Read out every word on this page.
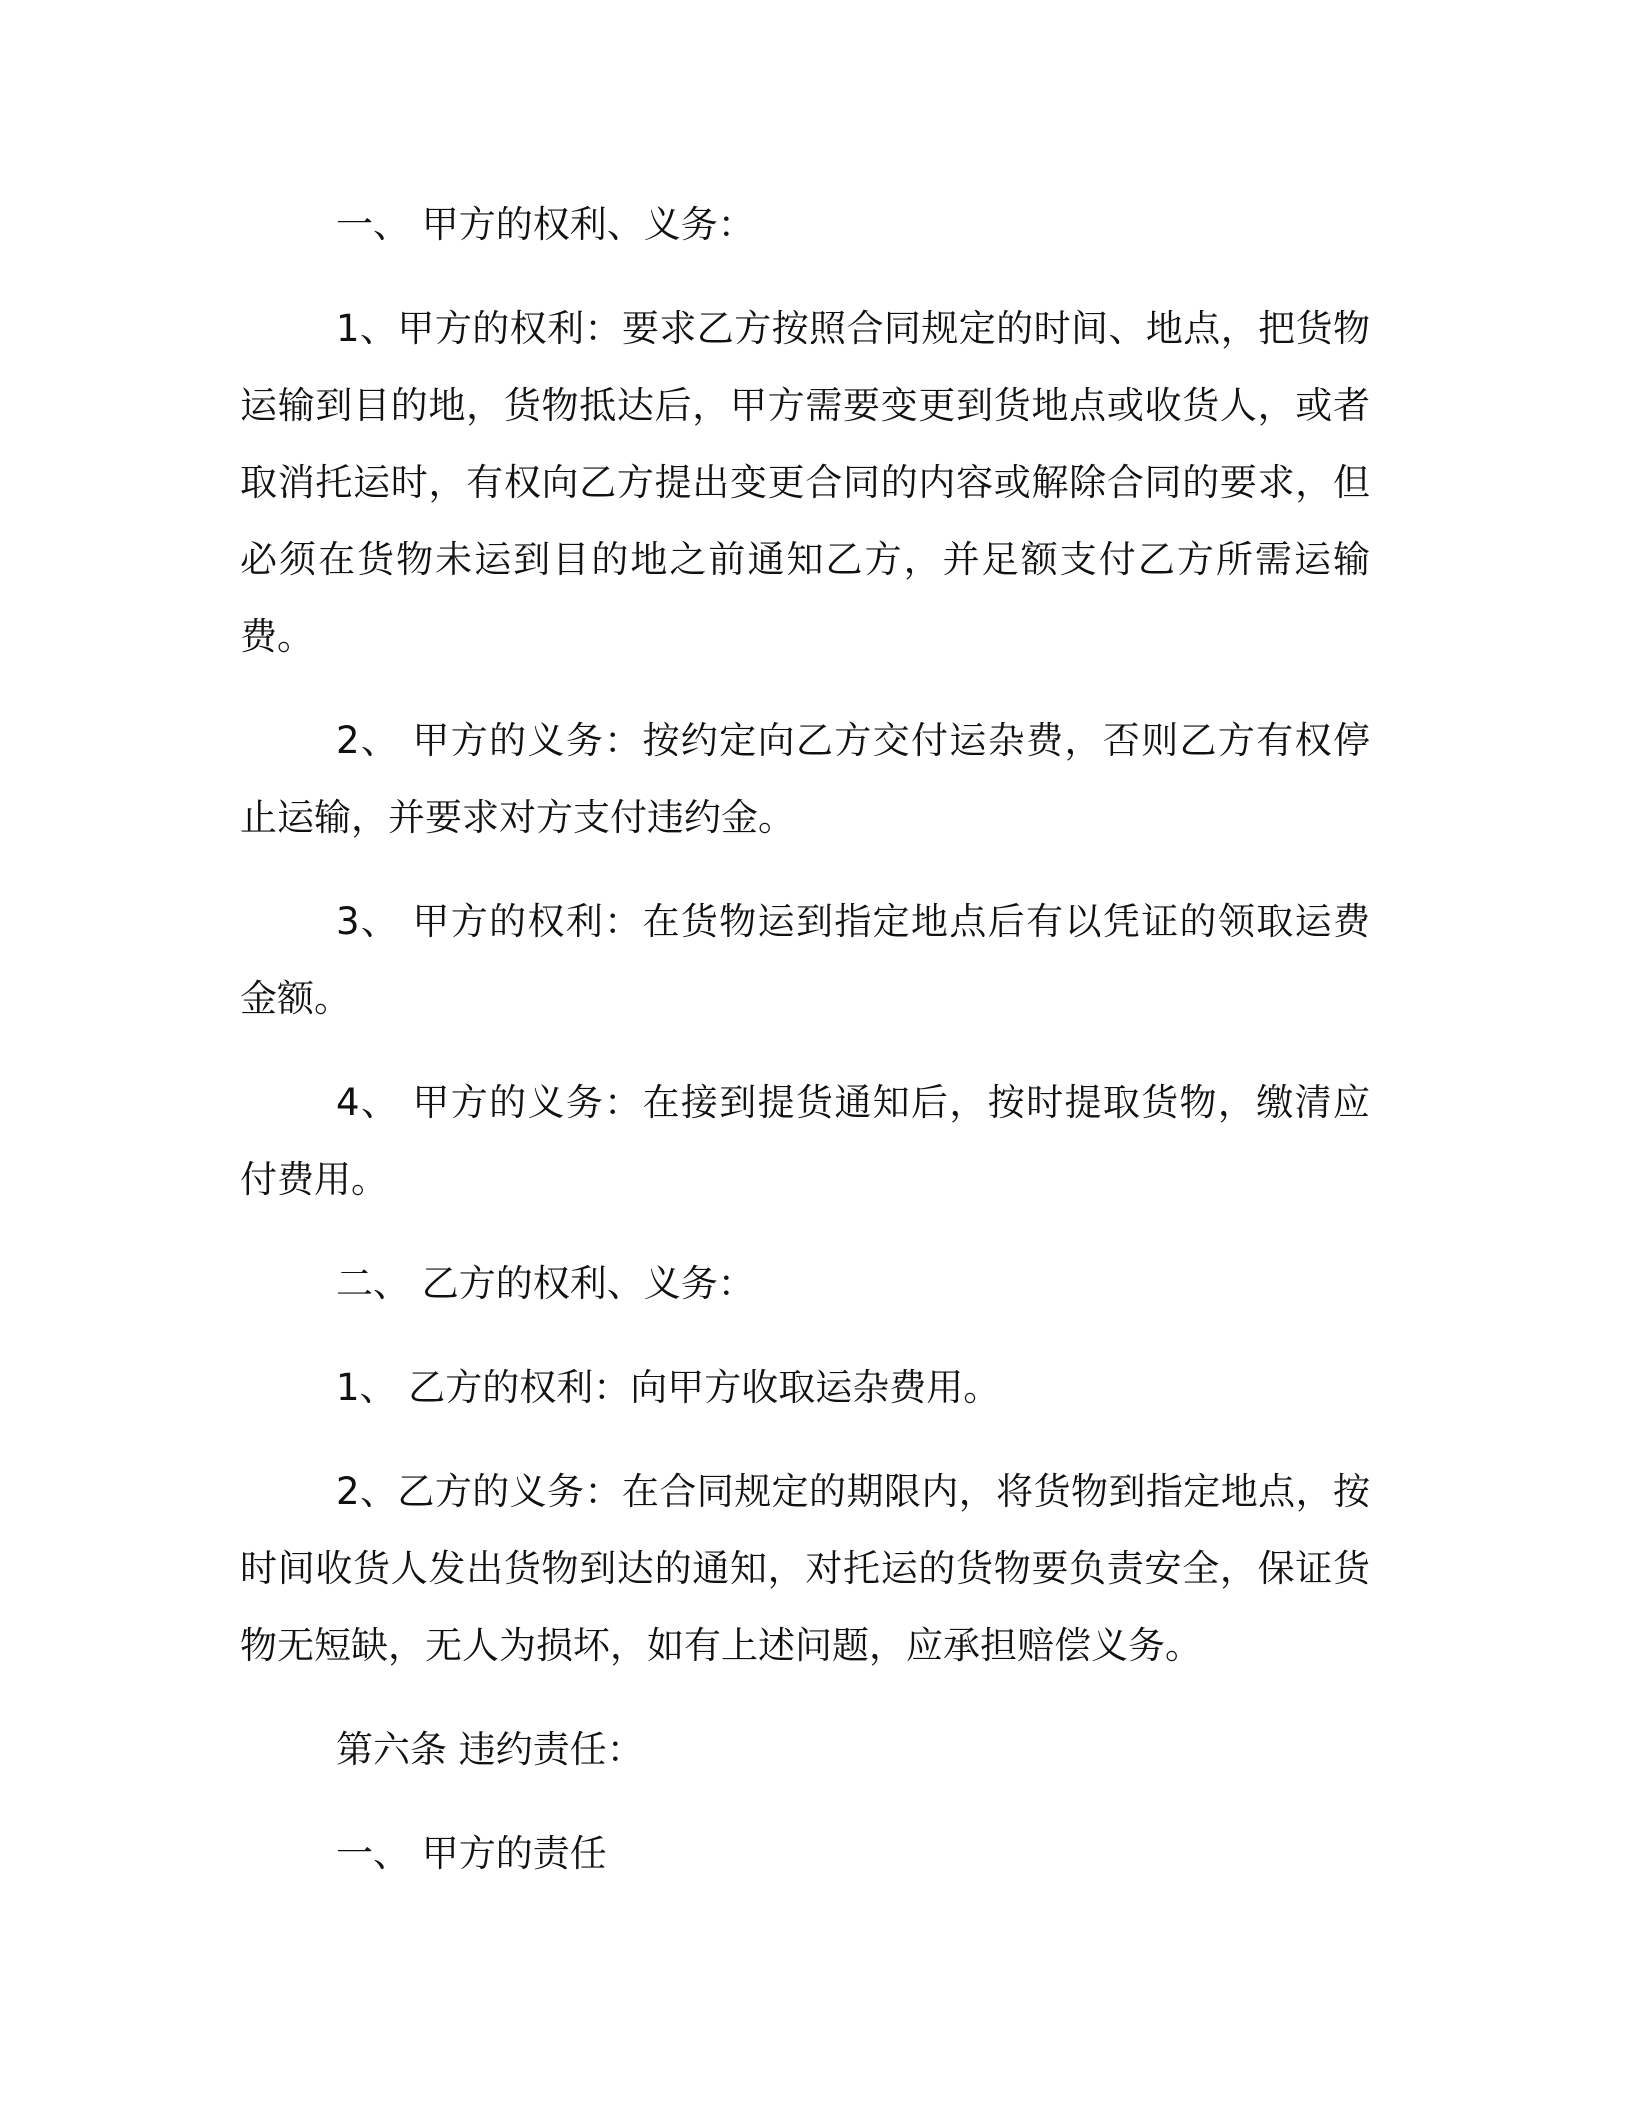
一、 甲方的权利、义务：

1、甲方的权利：要求乙方按照合同规定的时间、地点，把货物运输到目的地，货物抵达后，甲方需要变更到货地点或收货人，或者取消托运时，有权向乙方提出变更合同的内容或解除合同的要求，但必须在货物未运到目的地之前通知乙方，并足额支付乙方所需运输费。

2、 甲方的义务：按约定向乙方交付运杂费，否则乙方有权停止运输，并要求对方支付违约金。

3、 甲方的权利：在货物运到指定地点后有以凭证的领取运费金额。

4、 甲方的义务：在接到提货通知后，按时提取货物，缴清应付费用。

二、 乙方的权利、义务：

1、 乙方的权利：向甲方收取运杂费用。

2、乙方的义务：在合同规定的期限内，将货物到指定地点，按时间收货人发出货物到达的通知，对托运的货物要负责安全，保证货物无短缺，无人为损坏，如有上述问题，应承担赔偿义务。

第六条 违约责任：

一、 甲方的责任
